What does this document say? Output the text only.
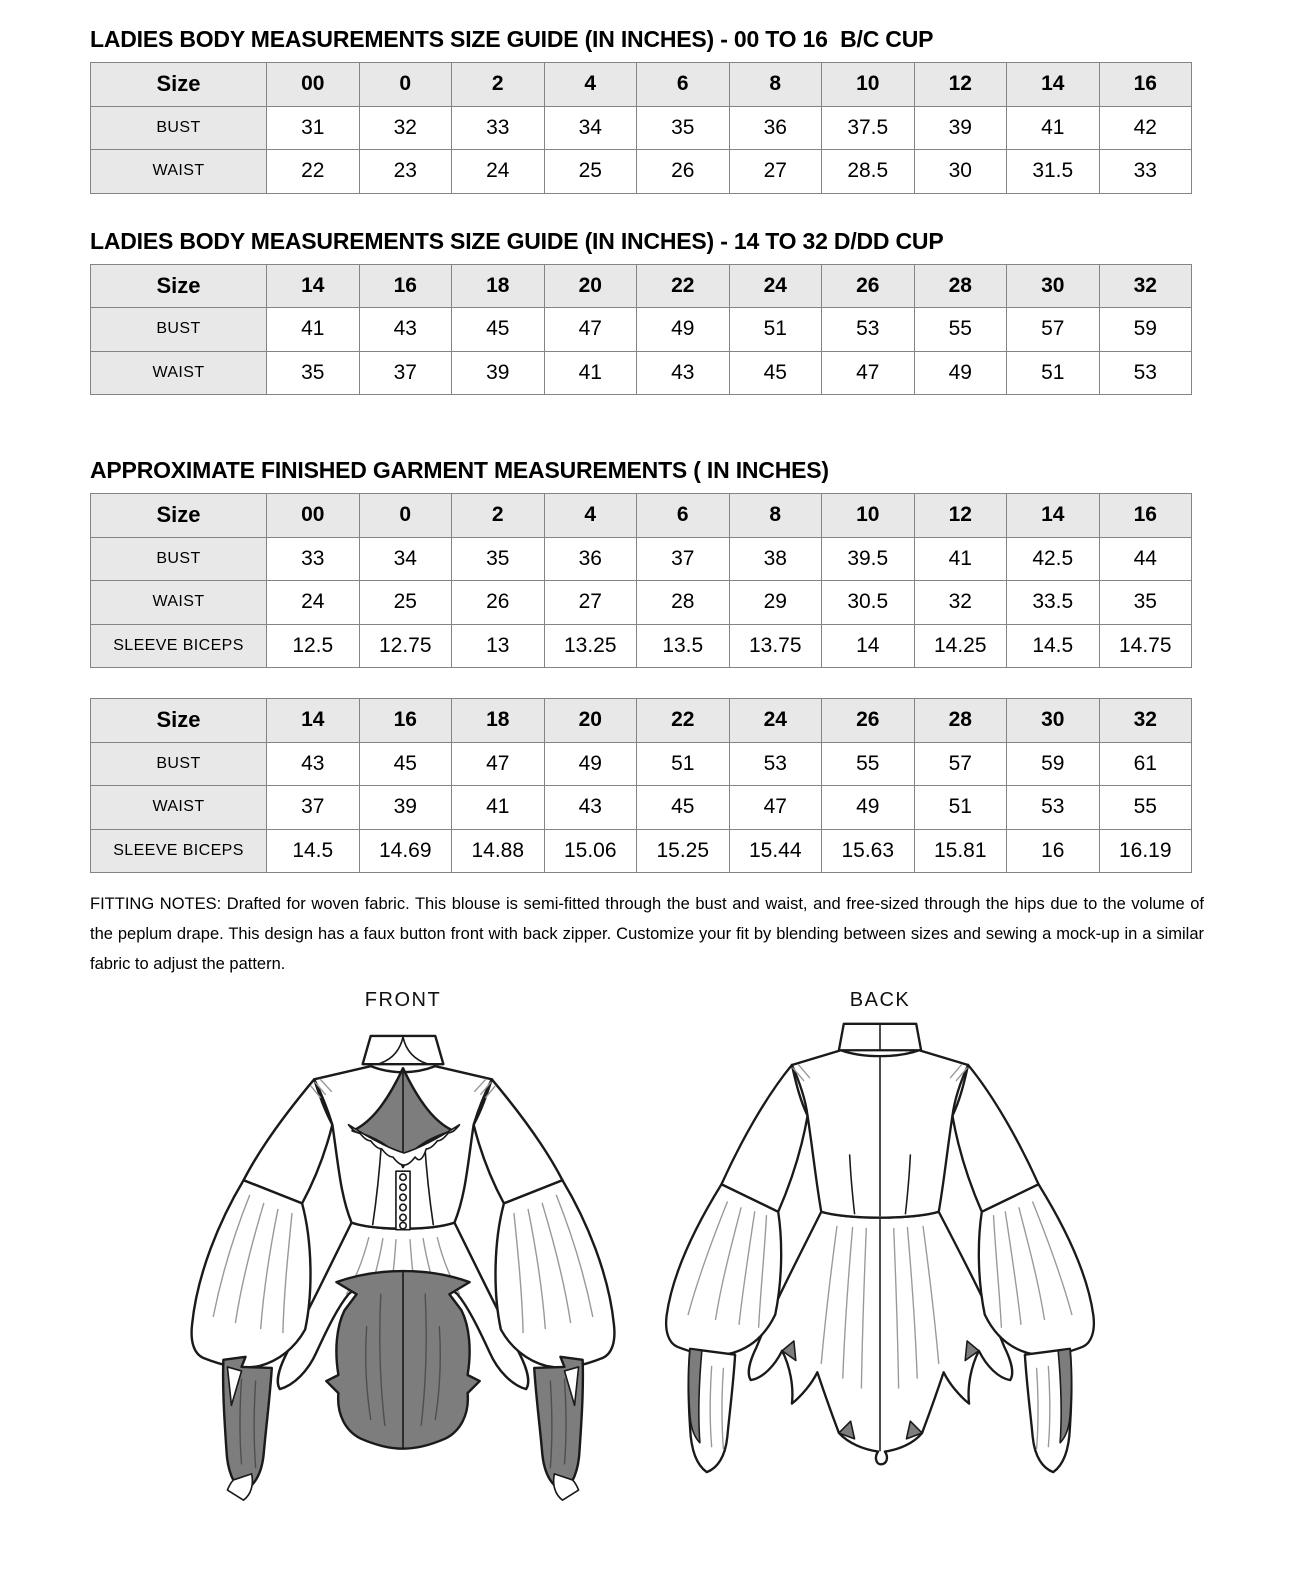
LADIES BODY MEASUREMENTS SIZE GUIDE (IN INCHES) - 00 TO 16  B/C CUP
Size	00	0	2	4	6	8	10	12	14	16
BUST	31	32	33	34	35	36	37.5	39	41	42
WAIST	22	23	24	25	26	27	28.5	30	31.5	33
LADIES BODY MEASUREMENTS SIZE GUIDE (IN INCHES) - 14 TO 32 D/DD CUP
Size	14	16	18	20	22	24	26	28	30	32
BUST	41	43	45	47	49	51	53	55	57	59
WAIST	35	37	39	41	43	45	47	49	51	53
APPROXIMATE FINISHED GARMENT MEASUREMENTS ( IN INCHES)
Size	00	0	2	4	6	8	10	12	14	16
BUST	33	34	35	36	37	38	39.5	41	42.5	44
WAIST	24	25	26	27	28	29	30.5	32	33.5	35
SLEEVE BICEPS	12.5	12.75	13	13.25	13.5	13.75	14	14.25	14.5	14.75
Size	14	16	18	20	22	24	26	28	30	32
BUST	43	45	47	49	51	53	55	57	59	61
WAIST	37	39	41	43	45	47	49	51	53	55
SLEEVE BICEPS	14.5	14.69	14.88	15.06	15.25	15.44	15.63	15.81	16	16.19

FITTING NOTES: Drafted for woven fabric. This blouse is semi-fitted through the bust and waist, and free-sized through the hips due to the volume of the peplum drape. This design has a faux button front with back zipper. Customize your fit by blending between sizes and sewing a mock-up in a similar fabric to adjust the pattern.

FRONT	BACK
